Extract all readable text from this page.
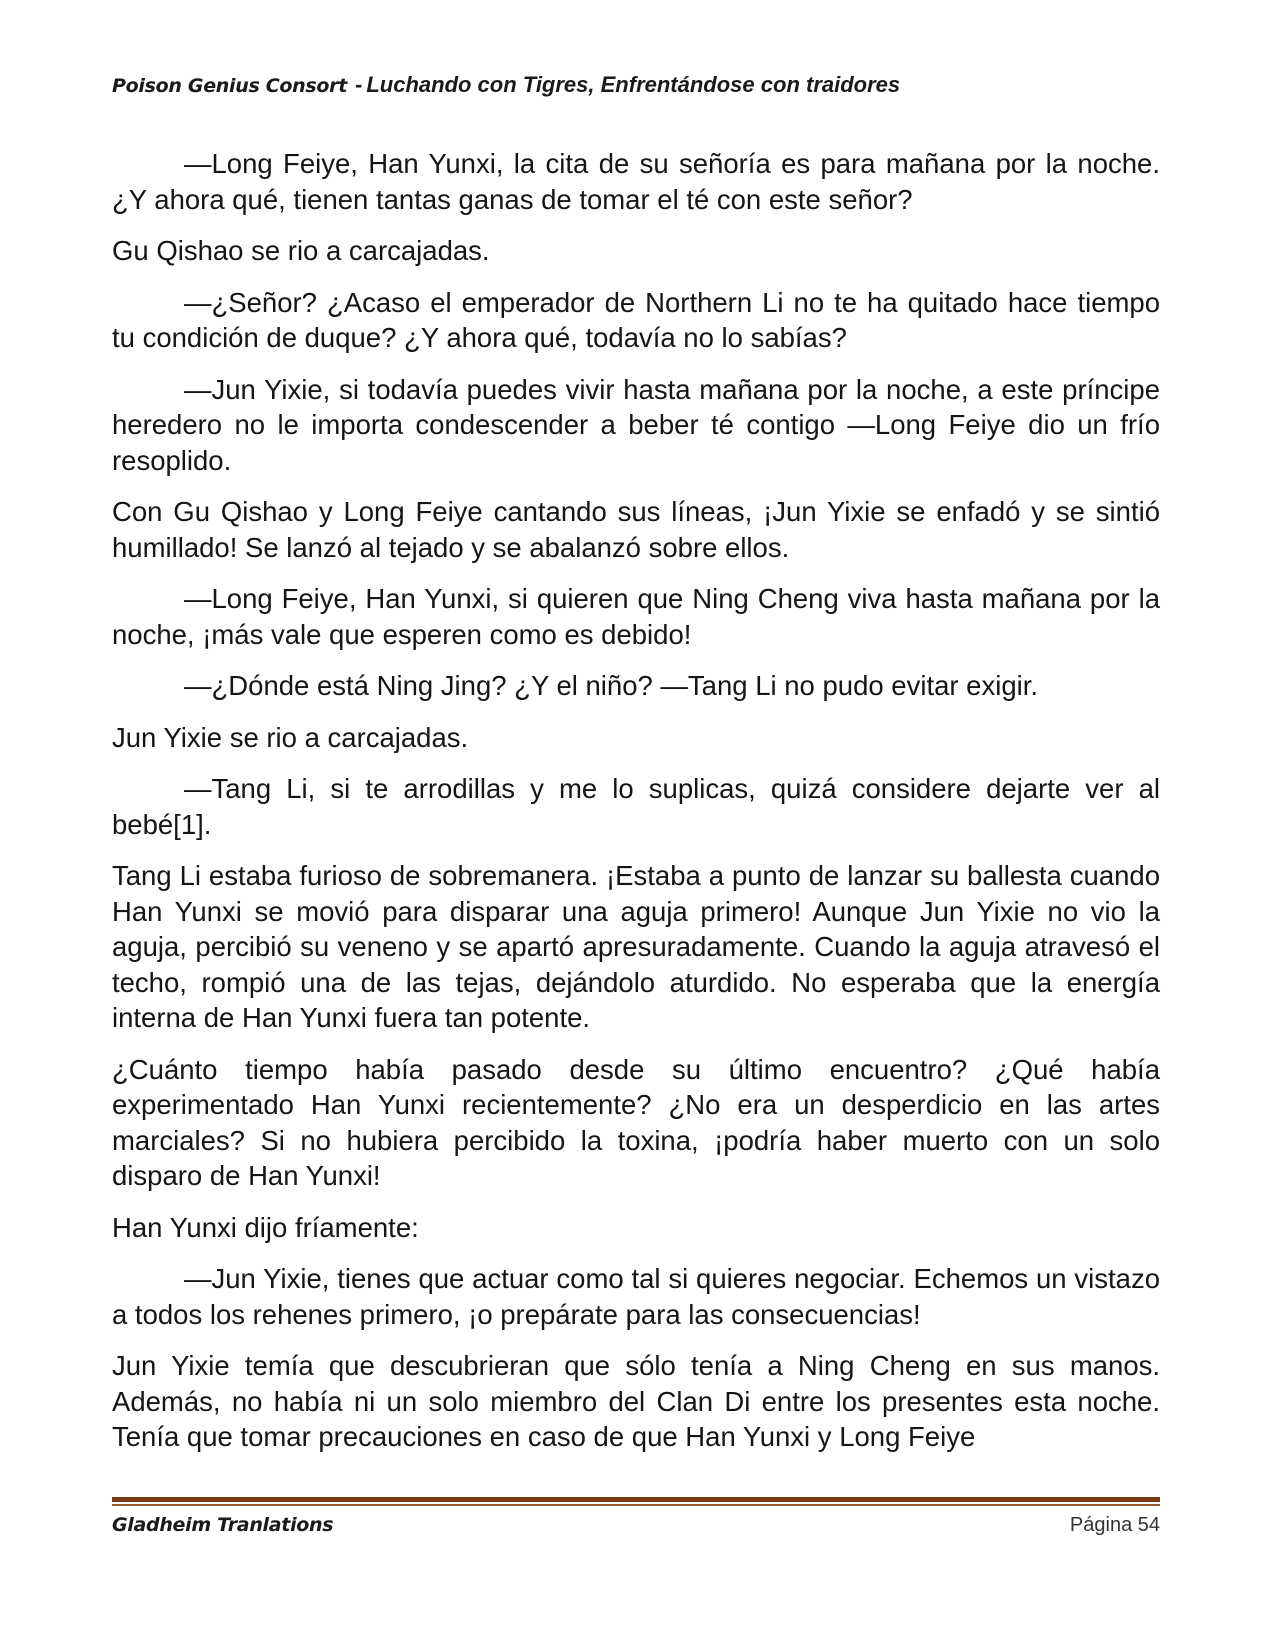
Poison Genius Consort - Luchando con Tigres, Enfrentándose con traidores

—Long Feiye, Han Yunxi, la cita de su señoría es para mañana por la noche. ¿Y ahora qué, tienen tantas ganas de tomar el té con este señor?

Gu Qishao se rio a carcajadas.

—¿Señor? ¿Acaso el emperador de Northern Li no te ha quitado hace tiempo tu condición de duque? ¿Y ahora qué, todavía no lo sabías?

—Jun Yixie, si todavía puedes vivir hasta mañana por la noche, a este príncipe heredero no le importa condescender a beber té contigo —Long Feiye dio un frío resoplido.

Con Gu Qishao y Long Feiye cantando sus líneas, ¡Jun Yixie se enfadó y se sintió humillado! Se lanzó al tejado y se abalanzó sobre ellos.

—Long Feiye, Han Yunxi, si quieren que Ning Cheng viva hasta mañana por la noche, ¡más vale que esperen como es debido!

—¿Dónde está Ning Jing? ¿Y el niño? —Tang Li no pudo evitar exigir.

Jun Yixie se rio a carcajadas.

—Tang Li, si te arrodillas y me lo suplicas, quizá considere dejarte ver al bebé[1].

Tang Li estaba furioso de sobremanera. ¡Estaba a punto de lanzar su ballesta cuando Han Yunxi se movió para disparar una aguja primero! Aunque Jun Yixie no vio la aguja, percibió su veneno y se apartó apresuradamente. Cuando la aguja atravesó el techo, rompió una de las tejas, dejándolo aturdido. No esperaba que la energía interna de Han Yunxi fuera tan potente.

¿Cuánto tiempo había pasado desde su último encuentro? ¿Qué había experimentado Han Yunxi recientemente? ¿No era un desperdicio en las artes marciales? Si no hubiera percibido la toxina, ¡podría haber muerto con un solo disparo de Han Yunxi!

Han Yunxi dijo fríamente:

—Jun Yixie, tienes que actuar como tal si quieres negociar. Echemos un vistazo a todos los rehenes primero, ¡o prepárate para las consecuencias!

Jun Yixie temía que descubrieran que sólo tenía a Ning Cheng en sus manos. Además, no había ni un solo miembro del Clan Di entre los presentes esta noche. Tenía que tomar precauciones en caso de que Han Yunxi y Long Feiye

Gladheim Tranlations	Página 54
